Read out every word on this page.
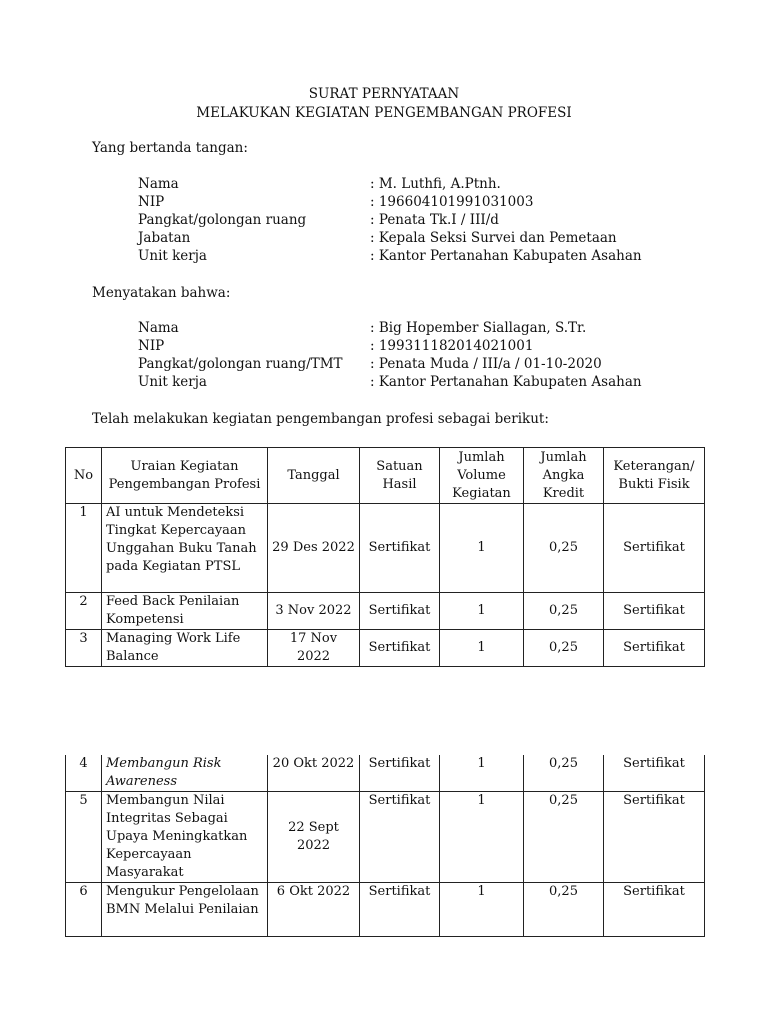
SURAT PERNYATAAN
MELAKUKAN KEGIATAN PENGEMBANGAN PROFESI
Yang bertanda tangan:
Nama	: M. Luthfi, A.Ptnh.
NIP	: 196604101991031003
Pangkat/golongan ruang	: Penata Tk.I / III/d
Jabatan	: Kepala Seksi Survei dan Pemetaan
Unit kerja	: Kantor Pertanahan Kabupaten Asahan
Menyatakan bahwa:
Nama	: Big Hopember Siallagan, S.Tr.
NIP	: 199311182014021001
Pangkat/golongan ruang/TMT : Penata Muda / III/a / 01-10-2020
Unit kerja	: Kantor Pertanahan Kabupaten Asahan
Telah melakukan kegiatan pengembangan profesi sebagai berikut:
No	Uraian Kegiatan Pengembangan Profesi	Tanggal	Satuan Hasil	Jumlah Volume Kegiatan	Jumlah Angka Kredit	Keterangan/ Bukti Fisik
1	AI untuk Mendeteksi Tingkat Kepercayaan Unggahan Buku Tanah pada Kegiatan PTSL	29 Des 2022	Sertifikat	1	0,25	Sertifikat
2	Feed Back Penilaian Kompetensi	3 Nov 2022	Sertifikat	1	0,25	Sertifikat
3	Managing Work Life Balance	17 Nov 2022	Sertifikat	1	0,25	Sertifikat
4	Membangun Risk Awareness	20 Okt 2022	Sertifikat	1	0,25	Sertifikat
5	Membangun Nilai Integritas Sebagai Upaya Meningkatkan Kepercayaan Masyarakat	22 Sept 2022	Sertifikat	1	0,25	Sertifikat
6	Mengukur Pengelolaan BMN Melalui Penilaian	6 Okt 2022	Sertifikat	1	0,25	Sertifikat
